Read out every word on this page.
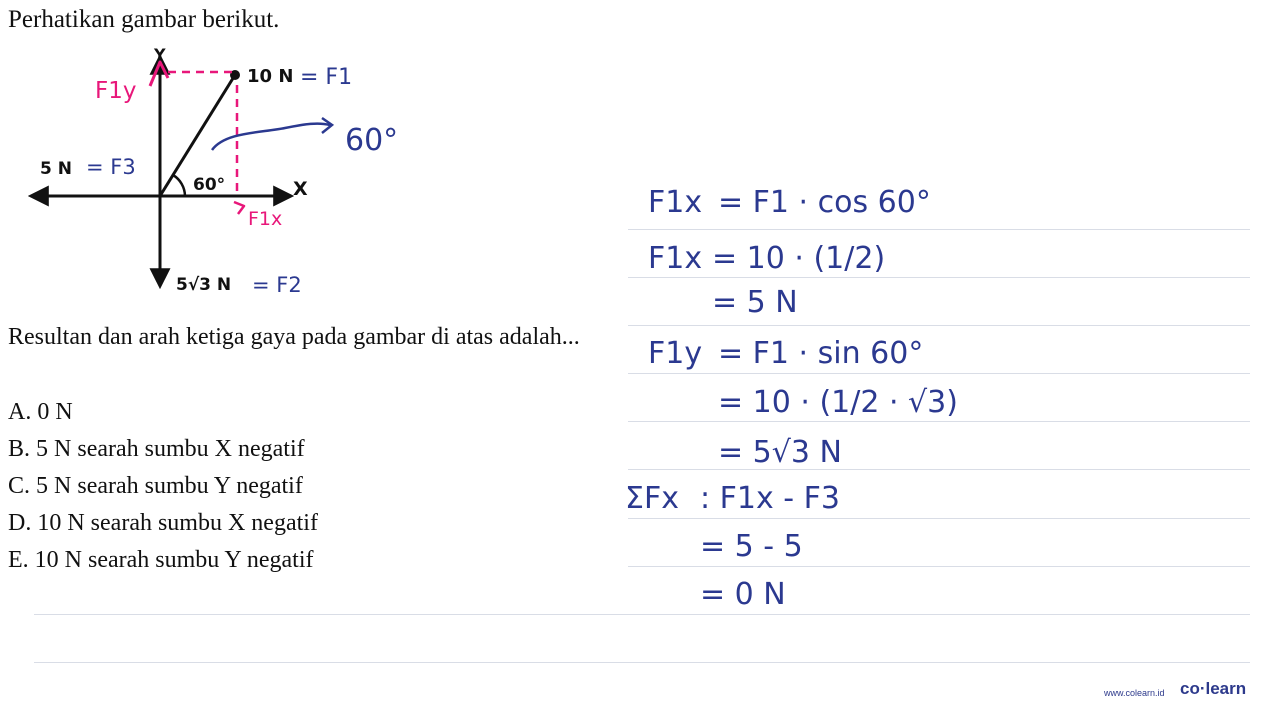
Perhatikan gambar berikut.
Y
X
10 N = F1
5 N = F3
5√3 N = F2
F1y
F1x
60°
60°
Resultan dan arah ketiga gaya pada gambar di atas adalah...
A. 0 N
B. 5 N searah sumbu X negatif
C. 5 N searah sumbu Y negatif
D. 10 N searah sumbu X negatif
E. 10 N searah sumbu Y negatif
F1x = F1 · cos 60°
F1x = 10 · (1/2)
= 5 N
F1y = F1 · sin 60°
= 10 · (1/2 · √3)
= 5√3 N
ΣFx : F1x - F3
= 5 - 5
= 0 N
www.colearn.id co·learn
